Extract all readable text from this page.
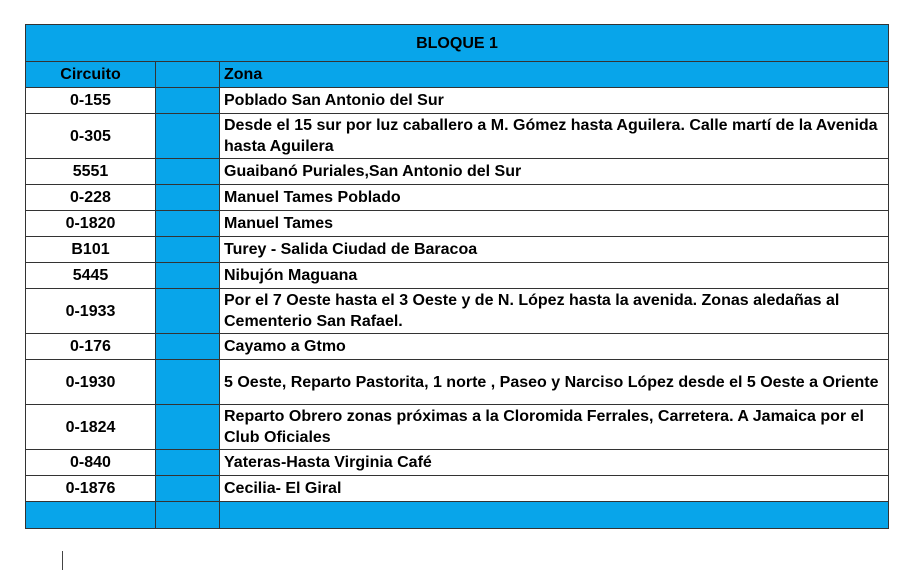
BLOQUE 1		
Circuito		Zona
0-155		Poblado San Antonio del Sur
0-305		Desde el 15 sur por luz caballero a M. Gómez hasta Aguilera. Calle martí de la Avenida hasta Aguilera
5551		Guaibanó Puriales,San Antonio del Sur
0-228		Manuel Tames Poblado
0-1820		Manuel Tames
B101		Turey - Salida Ciudad de Baracoa
5445		Nibujón Maguana
0-1933		Por el 7 Oeste hasta el 3 Oeste y de N. López hasta la avenida. Zonas aledañas al Cementerio San Rafael.
0-176		Cayamo a Gtmo
0-1930		5 Oeste, Reparto Pastorita, 1 norte , Paseo y Narciso López desde el 5 Oeste a Oriente
0-1824		Reparto Obrero zonas próximas a la Cloromida Ferrales, Carretera. A Jamaica por el Club Oficiales
0-840		Yateras-Hasta Virginia Café
0-1876		Cecilia- El Giral
